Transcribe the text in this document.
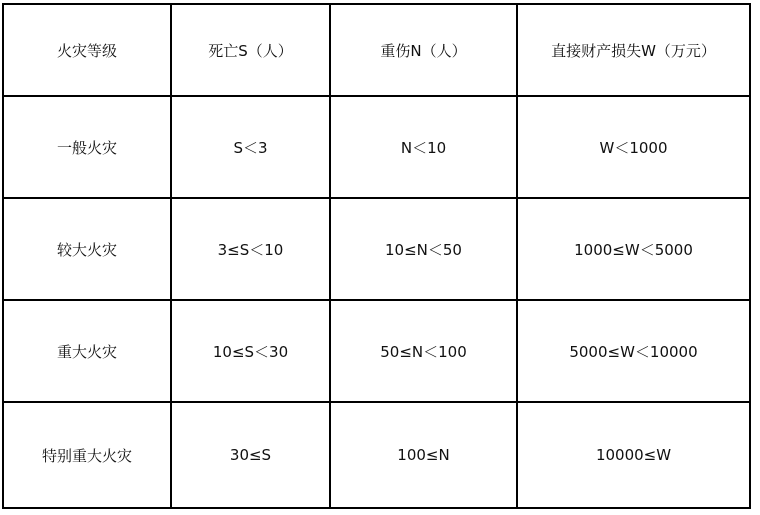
火灾等级	死亡S（人）	重伤N（人）	直接财产损失W（万元）
一般火灾	S＜3	N＜10	W＜1000
较大火灾	3≤S＜10	10≤N＜50	1000≤W＜5000
重大火灾	10≤S＜30	50≤N＜100	5000≤W＜10000
特别重大火灾	30≤S	100≤N	10000≤W
